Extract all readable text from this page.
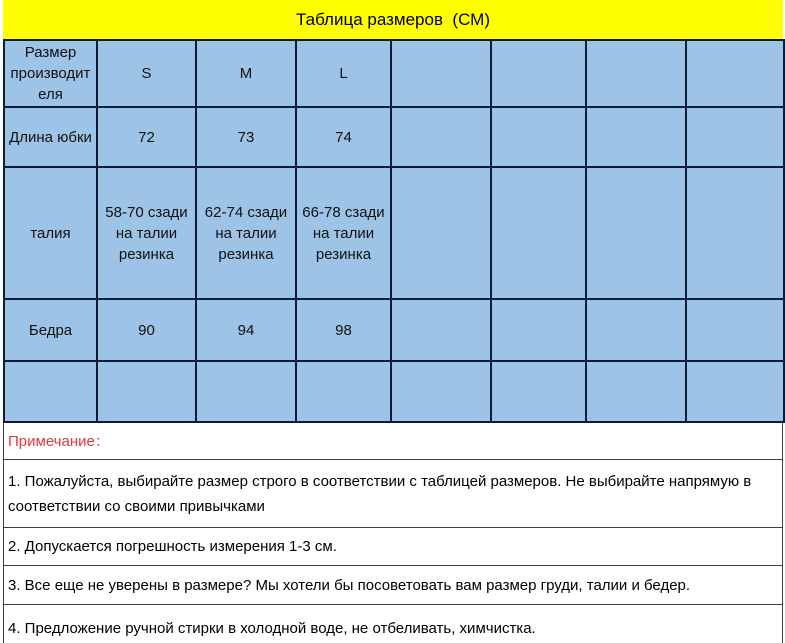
Таблица размеров  (СМ)
Размер производителя	S	M	L				
Длина юбки	72	73	74				
талия	58-70 сзади на талии резинка	62-74 сзади на талии резинка	66-78 сзади на талии резинка				
Бедра	90	94	98				

Примечание：
1. Пожалуйста, выбирайте размер строго в соответствии с таблицей размеров. Не выбирайте напрямую в соответствии со своими привычками
2. Допускается погрешность измерения 1-3 см.
3. Все еще не уверены в размере? Мы хотели бы посоветовать вам размер груди, талии и бедер.
4. Предложение ручной стирки в холодной воде, не отбеливать, химчистка.
